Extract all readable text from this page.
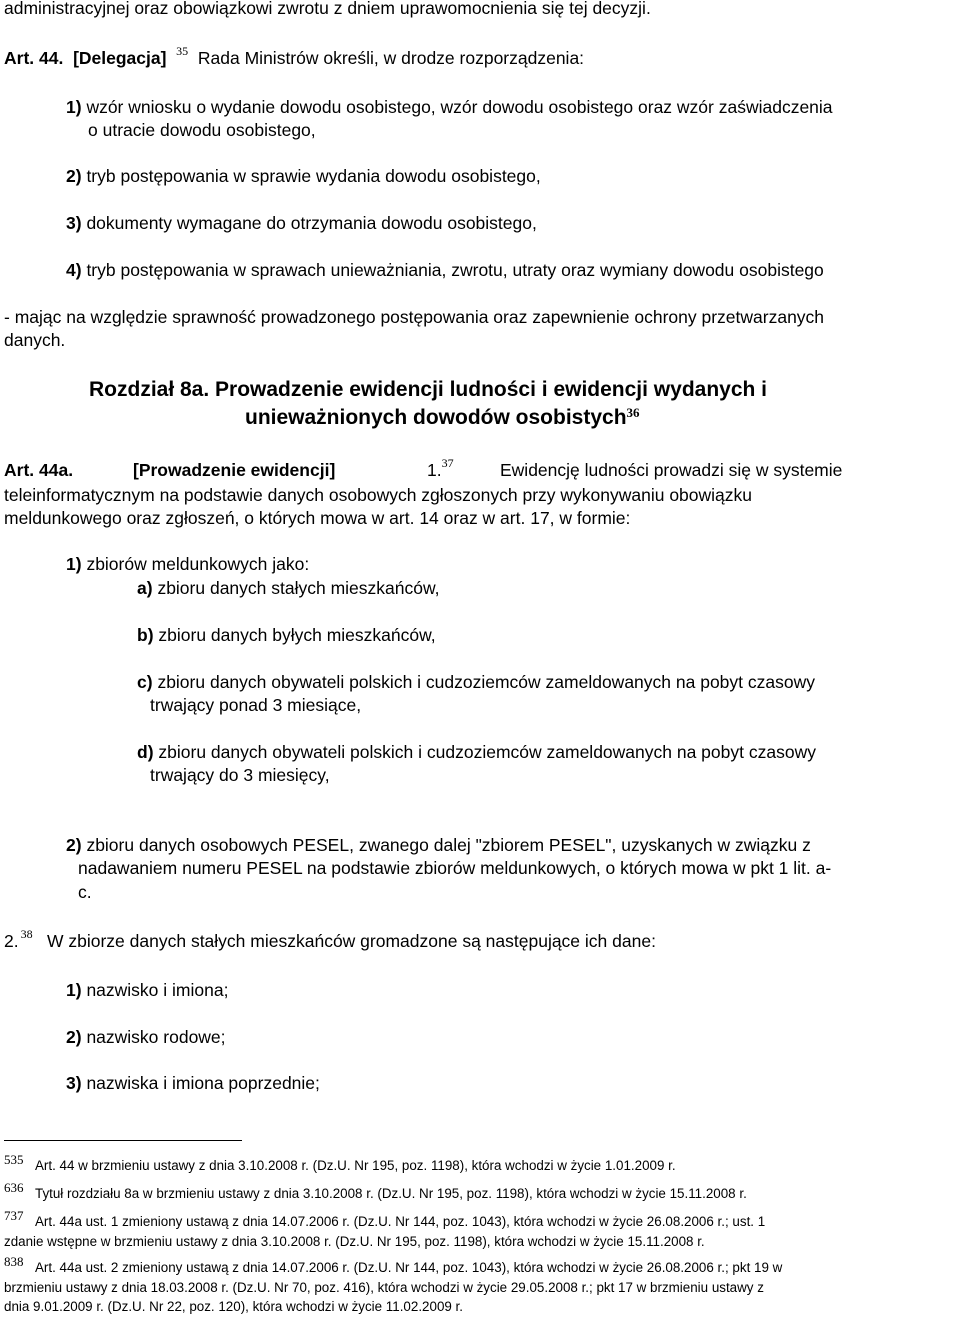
administracyjnej oraz obowiązkowi zwrotu z dniem uprawomocnienia się tej decyzji.
Art. 44. [Delegacja] $^{35}$ Rada Ministrów określi, w drodze rozporządzenia:
1) wzór wniosku o wydanie dowodu osobistego, wzór dowodu osobistego oraz wzór zaświadczenia
o utracie dowodu osobistego,
2) tryb postępowania w sprawie wydania dowodu osobistego,
3) dokumenty wymagane do otrzymania dowodu osobistego,
4) tryb postępowania w sprawach unieważniania, zwrotu, utraty oraz wymiany dowodu osobistego
- mając na względzie sprawność prowadzonego postępowania oraz zapewnienie ochrony przetwarzanych
danych.
Rozdział 8a. Prowadzenie ewidencji ludności i ewidencji wydanych i
unieważnionych dowodów osobistych$^{36}$
Art. 44a.	[Prowadzenie ewidencji]	1.37	Ewidencję ludności prowadzi się w systemie
teleinformatycznym na podstawie danych osobowych zgłoszonych przy wykonywaniu obowiązku
meldunkowego oraz zgłoszeń, o których mowa w art. 14 oraz w art. 17, w formie:
1) zbiorów meldunkowych jako:
a) zbioru danych stałych mieszkańców,
b) zbioru danych byłych mieszkańców,
c) zbioru danych obywateli polskich i cudzoziemców zameldowanych na pobyt czasowy
trwający ponad 3 miesiące,
d) zbioru danych obywateli polskich i cudzoziemców zameldowanych na pobyt czasowy
trwający do 3 miesięcy,
2) zbioru danych osobowych PESEL, zwanego dalej "zbiorem PESEL", uzyskanych w związku z
nadawaniem numeru PESEL na podstawie zbiorów meldunkowych, o których mowa w pkt 1 lit. a-
c.
2. $^{38}$ W zbiorze danych stałych mieszkańców gromadzone są następujące ich dane:
1) nazwisko i imiona;
2) nazwisko rodowe;
3) nazwiska i imiona poprzednie;
535 Art. 44 w brzmieniu ustawy z dnia 3.10.2008 r. (Dz.U. Nr 195, poz. 1198), która wchodzi w życie 1.01.2009 r.
636 Tytuł rozdziału 8a w brzmieniu ustawy z dnia 3.10.2008 r. (Dz.U. Nr 195, poz. 1198), która wchodzi w życie 15.11.2008 r.
737 Art. 44a ust. 1 zmieniony ustawą z dnia 14.07.2006 r. (Dz.U. Nr 144, poz. 1043), która wchodzi w życie 26.08.2006 r.; ust. 1
zdanie wstępne w brzmieniu ustawy z dnia 3.10.2008 r. (Dz.U. Nr 195, poz. 1198), która wchodzi w życie 15.11.2008 r.
838 Art. 44a ust. 2 zmieniony ustawą z dnia 14.07.2006 r. (Dz.U. Nr 144, poz. 1043), która wchodzi w życie 26.08.2006 r.; pkt 19 w
brzmieniu ustawy z dnia 18.03.2008 r. (Dz.U. Nr 70, poz. 416), która wchodzi w życie 29.05.2008 r.; pkt 17 w brzmieniu ustawy z
dnia 9.01.2009 r. (Dz.U. Nr 22, poz. 120), która wchodzi w życie 11.02.2009 r.
